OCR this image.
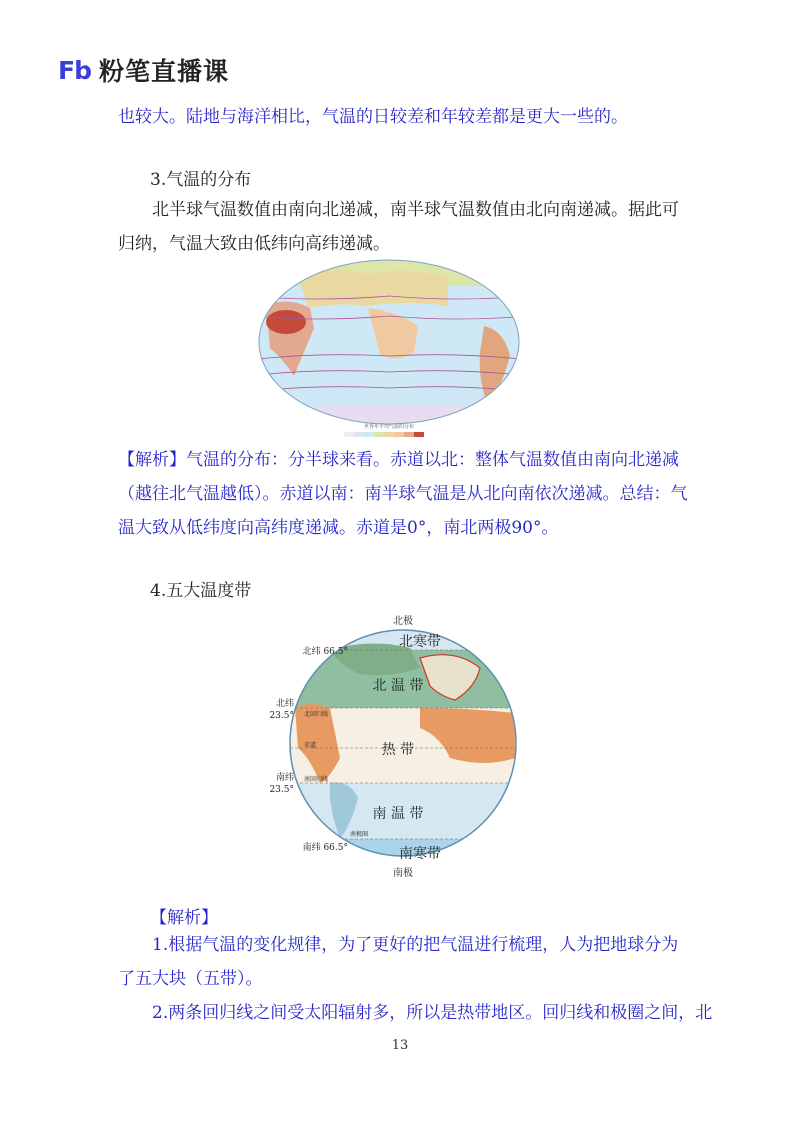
Fb 粉笔直播课
也较大。陆地与海洋相比，气温的日较差和年较差都是更大一些的。
3.气温的分布

北半球气温数值由南向北递减，南半球气温数值由北向南递减。据此可归纳，气温大致由低纬向高纬递减。

世界年平均气温的分布

【解析】气温的分布：分半球来看。赤道以北：整体气温数值由南向北递减（越往北气温越低）。赤道以南：南半球气温是从北向南依次递减。总结：气温大致从低纬度向高纬度递减。赤道是0°，南北两极90°。

4.五大温度带
北极
南极
北寒带
北 温 带
热 带
南 温 带
南寒带
北纬 66.5°
北纬
23.5°
南纬
23.5°
南纬 66.5°
北回归线
赤道
南回归线
南极圈
【解析】

1.根据气温的变化规律，为了更好的把气温进行梳理，人为把地球分为了五大块（五带）。

2.两条回归线之间受太阳辐射多，所以是热带地区。回归线和极圈之间，北

13
